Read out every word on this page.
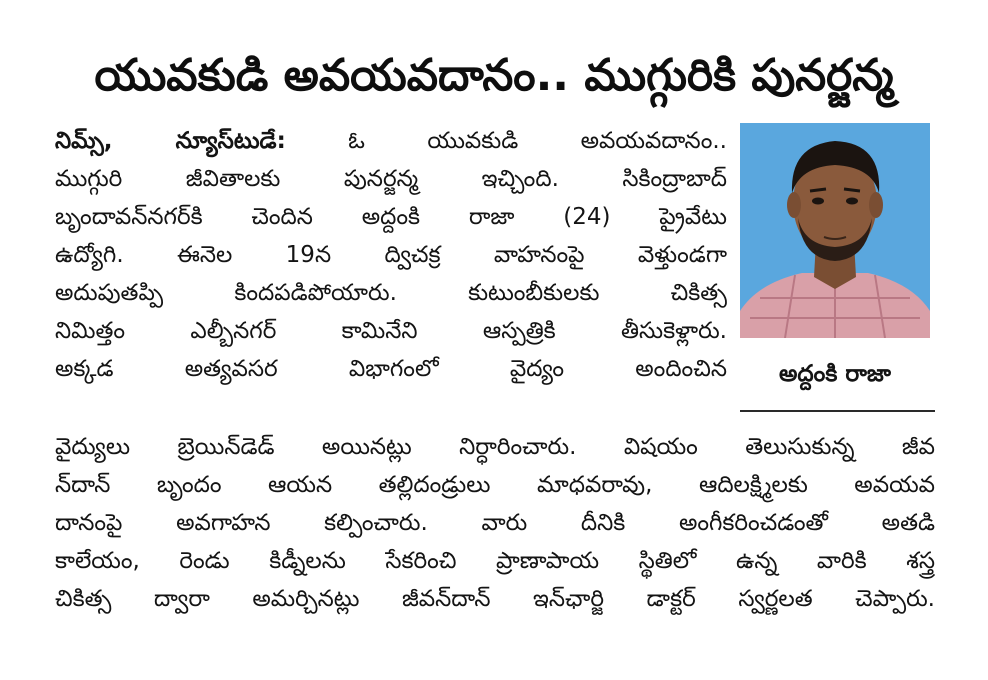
యువకుడి అవయవదానం.. ముగ్గురికి పునర్జన్మ

నిమ్స్, న్యూస్‌టుడే:	ఓ యువకుడి అవయవదానం..

ముగ్గురి జీవితాలకు పునర్జన్మ ఇచ్చింది. సికింద్రాబాద్

బృందావన్‌నగర్‌కి చెందిన అద్దంకి రాజా (24) ప్రైవేటు

ఉద్యోగి. ఈనెల 19న ద్విచక్ర వాహనంపై వెళ్తుండగా

అదుపుతప్పి కిందపడిపోయారు. కుటుంబీకులకు చికిత్స

నిమిత్తం ఎల్బీనగర్ కామినేని ఆస్పత్రికి తీసుకెళ్లారు.

అక్కడ అత్యవసర విభాగంలో వైద్యం అందించిన

వైద్యులు బ్రెయిన్‌డెడ్ అయినట్లు నిర్ధారించారు. విషయం తెలుసుకున్న జీవ

న్‌దాన్ బృందం ఆయన తల్లిదండ్రులు మాధవరావు, ఆదిలక్ష్మిలకు అవయవ

దానంపై అవగాహన కల్పించారు. వారు దీనికి అంగీకరించడంతో అతడి

కాలేయం, రెండు కిడ్నీలను సేకరించి ప్రాణాపాయ స్థితిలో ఉన్న వారికి శస్త్ర

చికిత్స ద్వారా అమర్చినట్లు జీవన్‌దాన్ ఇన్‌ఛార్జి డాక్టర్ స్వర్ణలత చెప్పారు.

అద్దంకి రాజా
